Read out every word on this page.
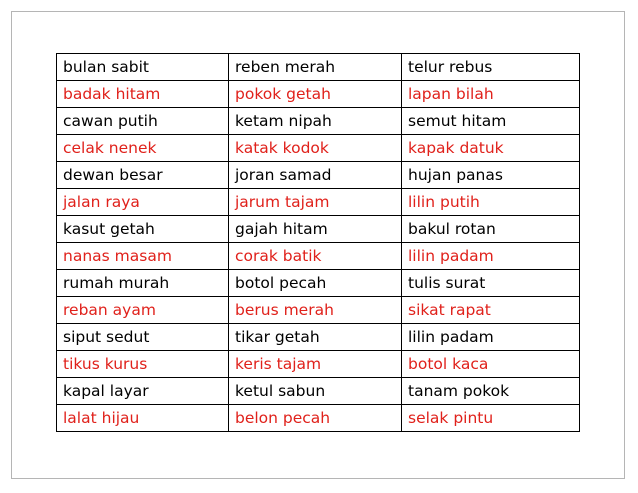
bulan sabit	reben merah	telur rebus
badak hitam	pokok getah	lapan bilah
cawan putih	ketam nipah	semut hitam
celak nenek	katak kodok	kapak datuk
dewan besar	joran samad	hujan panas
jalan raya	jarum tajam	lilin putih
kasut getah	gajah hitam	bakul rotan
nanas masam	corak batik	lilin padam
rumah murah	botol pecah	tulis surat
reban ayam	berus merah	sikat rapat
siput sedut	tikar getah	lilin padam
tikus kurus	keris tajam	botol kaca
kapal layar	ketul sabun	tanam pokok
lalat hijau	belon pecah	selak pintu
